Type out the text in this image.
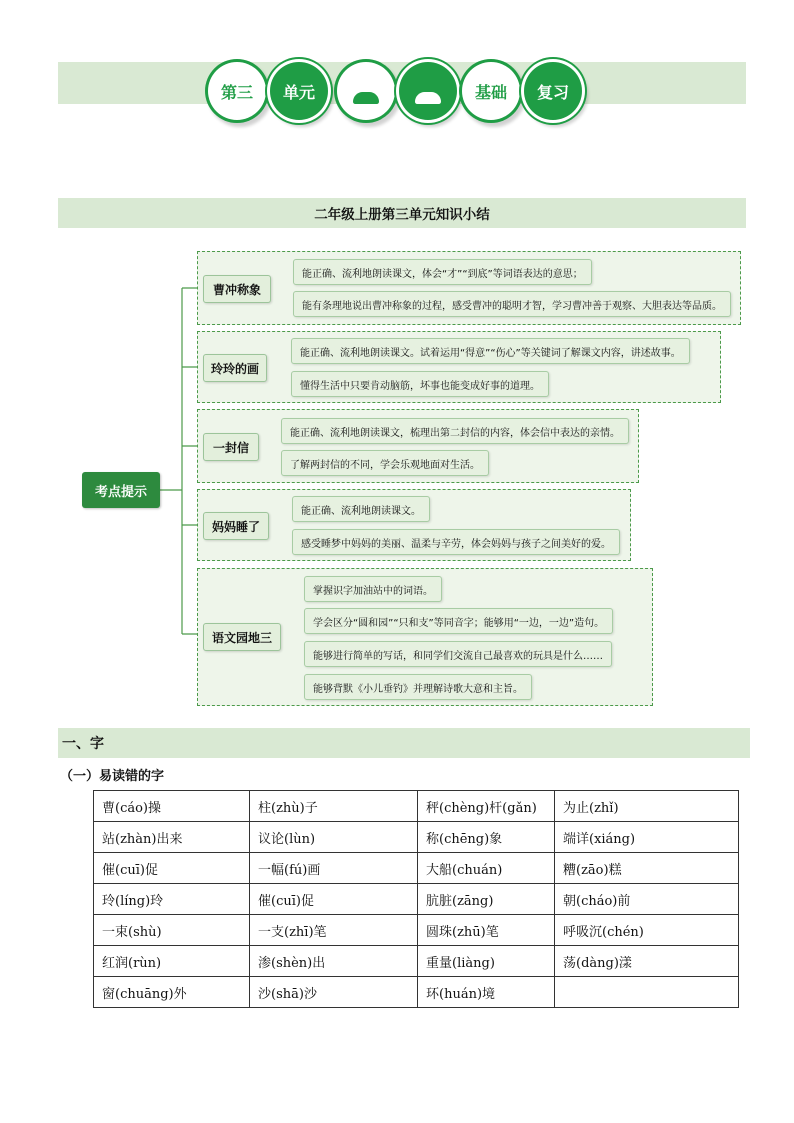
第三 单元	基础 复习
二年级上册第三单元知识小结
考点提示
曹冲称象
能正确、流利地朗读课文，体会“才”“到底”等词语表达的意思；
能有条理地说出曹冲称象的过程，感受曹冲的聪明才智，学习曹冲善于观察、大胆表达等品质。
玲玲的画
能正确、流利地朗读课文。试着运用“得意”“伤心”等关键词了解课文内容，讲述故事。
懂得生活中只要肯动脑筋，坏事也能变成好事的道理。
一封信
能正确、流利地朗读课文，梳理出第二封信的内容，体会信中表达的亲情。
了解两封信的不同，学会乐观地面对生活。
妈妈睡了
能正确、流利地朗读课文。
感受睡梦中妈妈的美丽、温柔与辛劳，体会妈妈与孩子之间美好的爱。
语文园地三
掌握识字加油站中的词语。
学会区分“圆和园”“只和支”等同音字；能够用“一边，一边”造句。
能够进行简单的写话，和同学们交流自己最喜欢的玩具是什么……
能够背默《小儿垂钓》并理解诗歌大意和主旨。
一、字
（一）易读错的字
曹(cáo)操	柱(zhù)子	秤(chèng)杆(gǎn)	为止(zhǐ)
站(zhàn)出来	议论(lùn)	称(chēng)象	端详(xiáng)
催(cuī)促	一幅(fú)画	大船(chuán)	糟(zāo)糕
玲(líng)玲	催(cuī)促	肮脏(zāng)	朝(cháo)前
一束(shù)	一支(zhī)笔	圆珠(zhū)笔	呼吸沉(chén)
红润(rùn)	渗(shèn)出	重量(liàng)	荡(dàng)漾
窗(chuāng)外	沙(shā)沙	环(huán)境	
